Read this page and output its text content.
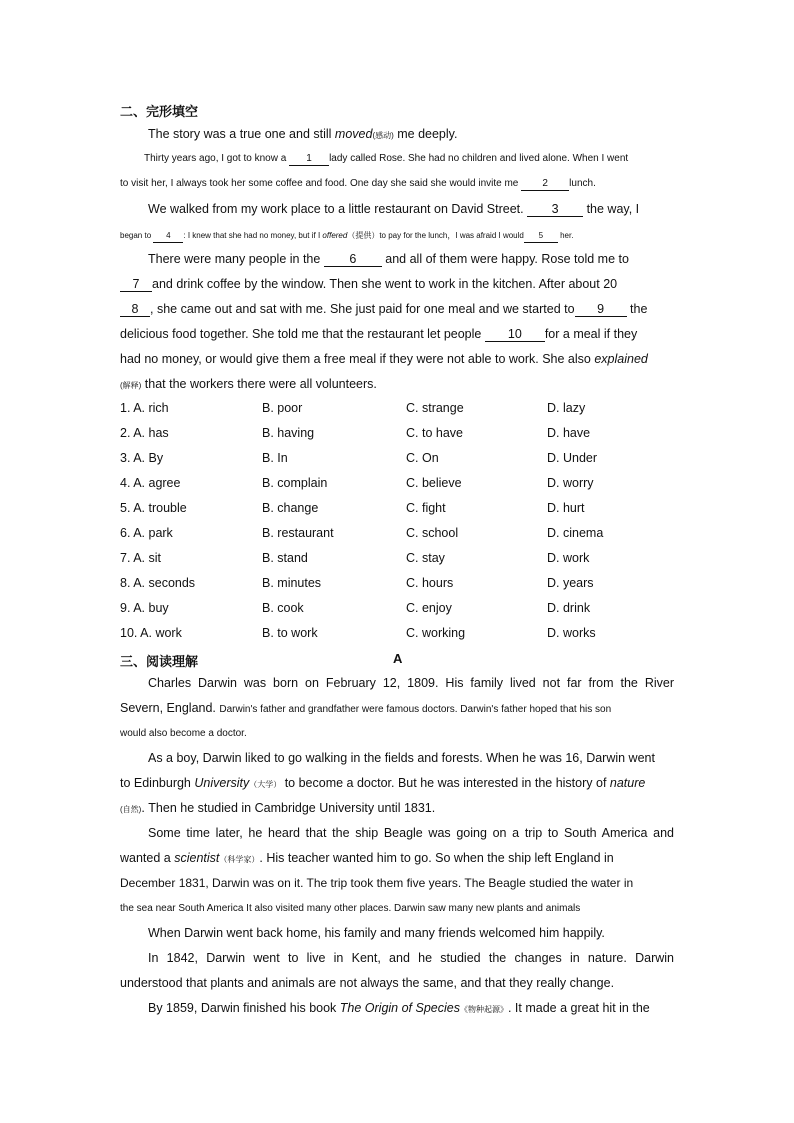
二、完形填空
The story was a true one and still moved(感动) me deeply.
Thirty years ago, I got to know a 1 lady called Rose. She had no children and lived alone. When I went
to visit her, I always took her some coffee and food. One day she said she would invite me 2 lunch.
We walked from my work place to a little restaurant on David Street. 3 the way, I
began to 4 : I knew that she had no money, but if I offered（提供）to pay for the lunch，I was afraid I would 5 her.
There were many people in the 6 and all of them were happy. Rose told me to
7 and drink coffee by the window. Then she went to work in the kitchen. After about 20
8 , she came out and sat with me. She just paid for one meal and we started to 9 the
delicious food together. She told me that the restaurant let people 10 for a meal if they
had no money, or would give them a free meal if they were not able to work. She also explained
(解释) that the workers there were all volunteers.
1. A. rich	B. poor	C. strange	D. lazy
2. A. has	B. having	C. to have	D. have
3. A. By	B. In	C. On	D. Under
4. A. agree	B. complain	C. believe	D. worry
5. A. trouble	B. change	C. fight	D. hurt
6. A. park	B. restaurant	C. school	D. cinema
7. A. sit	B. stand	C. stay	D. work
8. A. seconds	B. minutes	C. hours	D. years
9. A. buy	B. cook	C. enjoy	D. drink
10. A. work	B. to work	C. working	D. works
三、阅读理解	A
Charles Darwin was born on February 12, 1809. His family lived not far from the River
Severn, England. Darwin's father and grandfather were famous doctors. Darwin's father hoped that his son
would also become a doctor.
As a boy, Darwin liked to go walking in the fields and forests. When he was 16, Darwin went
to Edinburgh University（大学） to become a doctor. But he was interested in the history of nature
(自然). Then he studied in Cambridge University until 1831.
Some time later, he heard that the ship Beagle was going on a trip to South America and
wanted a scientist（科学家）. His teacher wanted him to go. So when the ship left England in
December 1831, Darwin was on it. The trip took them five years. The Beagle studied the water in
the sea near South America It also visited many other places. Darwin saw many new plants and animals
When Darwin went back home, his family and many friends welcomed him happily.
In 1842, Darwin went to live in Kent, and he studied the changes in nature. Darwin
understood that plants and animals are not always the same, and that they really change.
By 1859, Darwin finished his book The Origin of Species《物种起源》. It made a great hit in the
